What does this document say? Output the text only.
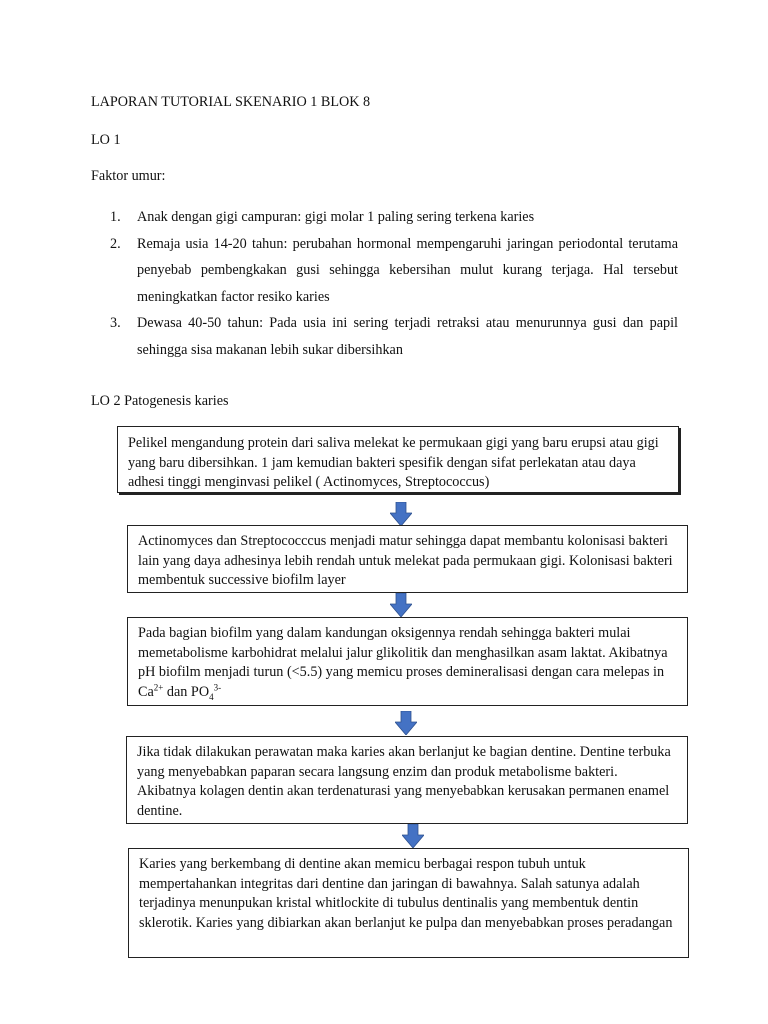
LAPORAN TUTORIAL SKENARIO 1 BLOK 8
LO 1
Faktor umur:
1. Anak dengan gigi campuran: gigi molar 1 paling sering terkena karies
2. Remaja usia 14-20 tahun: perubahan hormonal mempengaruhi jaringan periodontal terutama penyebab pembengkakan gusi sehingga kebersihan mulut kurang terjaga. Hal tersebut meningkatkan factor resiko karies
3. Dewasa 40-50 tahun: Pada usia ini sering terjadi retraksi atau menurunnya gusi dan papil sehingga sisa makanan lebih sukar dibersihkan
LO 2 Patogenesis karies

Pelikel mengandung protein dari saliva melekat ke permukaan gigi yang baru erupsi atau gigi yang baru dibersihkan. 1 jam kemudian bakteri spesifik dengan sifat perlekatan atau daya adhesi tinggi menginvasi pelikel ( Actinomyces, Streptococcus)

Actinomyces dan Streptococccus menjadi matur sehingga dapat membantu kolonisasi bakteri lain yang daya adhesinya lebih rendah untuk melekat pada permukaan gigi. Kolonisasi bakteri membentuk successive biofilm layer

Pada bagian biofilm yang dalam kandungan oksigennya rendah sehingga bakteri mulai memetabolisme karbohidrat melalui jalur glikolitik dan menghasilkan asam laktat. Akibatnya pH biofilm menjadi turun (<5.5) yang memicu proses demineralisasi dengan cara melepas in $Ca^{2+}$ dan $PO_4^{3-}$

Jika tidak dilakukan perawatan maka karies akan berlanjut ke bagian dentine. Dentine terbuka yang menyebabkan paparan secara langsung enzim dan produk metabolisme bakteri. Akibatnya kolagen dentin akan terdenaturasi yang menyebabkan kerusakan permanen enamel dentine.

Karies yang berkembang di dentine akan memicu berbagai respon tubuh untuk mempertahankan integritas dari dentine dan jaringan di bawahnya. Salah satunya adalah terjadinya menunpukan kristal whitlockite di tubulus dentinalis yang membentuk dentin sklerotik. Karies yang dibiarkan akan berlanjut ke pulpa dan menyebabkan proses peradangan
